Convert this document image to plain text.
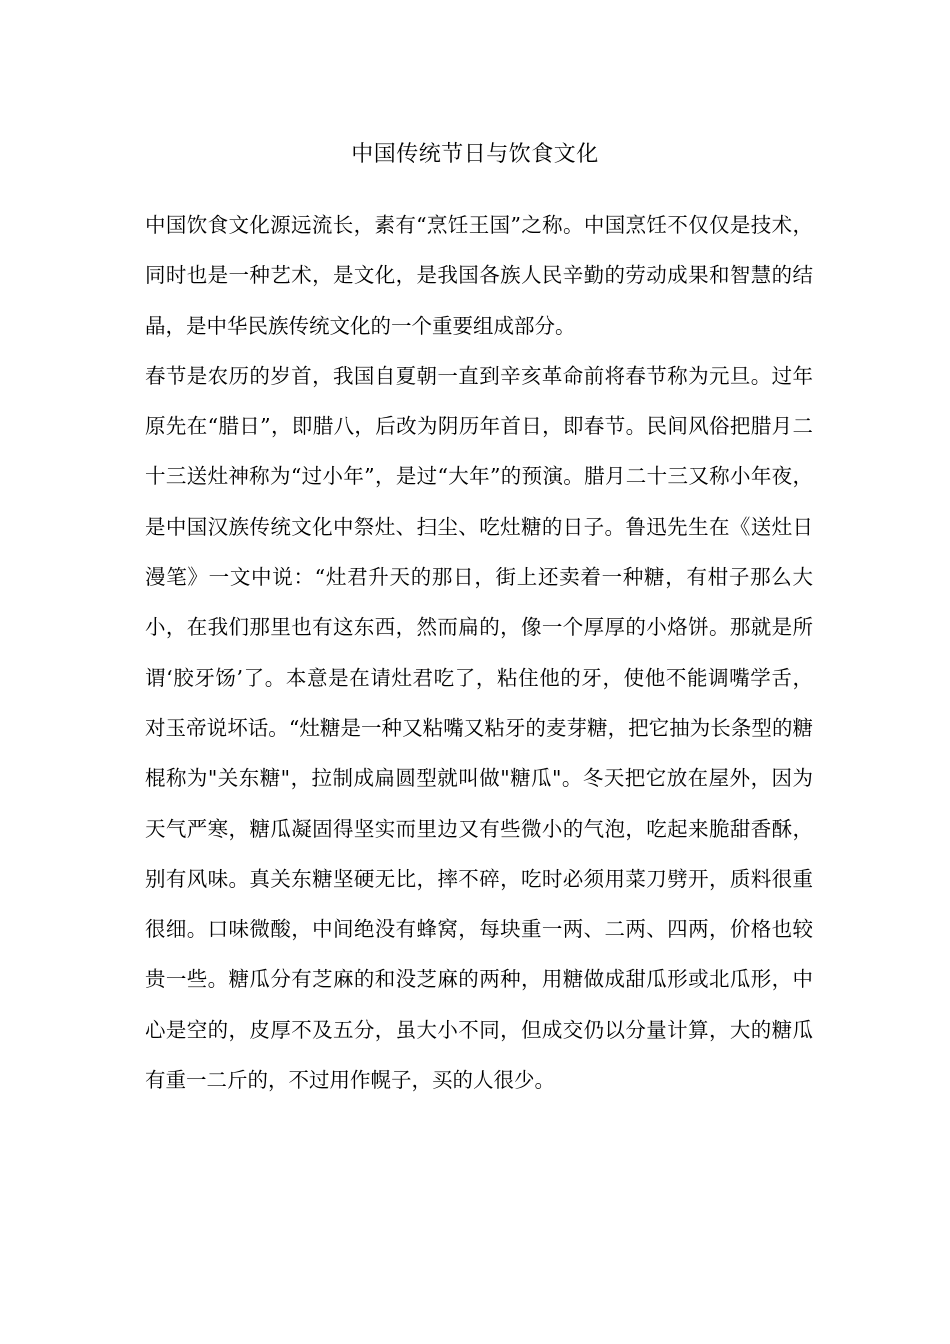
中国传统节日与饮食文化

中国饮食文化源远流长，素有“烹饪王国”之称。中国烹饪不仅仅是技术，同时也是一种艺术，是文化，是我国各族人民辛勤的劳动成果和智慧的结晶，是中华民族传统文化的一个重要组成部分。

春节是农历的岁首，我国自夏朝一直到辛亥革命前将春节称为元旦。过年原先在“腊日”，即腊八，后改为阴历年首日，即春节。民间风俗把腊月二十三送灶神称为“过小年”，是过“大年”的预演。腊月二十三又称小年夜，是中国汉族传统文化中祭灶、扫尘、吃灶糖的日子。鲁迅先生在《送灶日漫笔》一文中说：“灶君升天的那日，街上还卖着一种糖，有柑子那么大小，在我们那里也有这东西，然而扁的，像一个厚厚的小烙饼。那就是所谓‘胶牙饧’了。本意是在请灶君吃了，粘住他的牙，使他不能调嘴学舌，对玉帝说坏话。“灶糖是一种又粘嘴又粘牙的麦芽糖，把它抽为长条型的糖棍称为"关东糖"，拉制成扁圆型就叫做"糖瓜"。冬天把它放在屋外，因为天气严寒，糖瓜凝固得坚实而里边又有些微小的气泡，吃起来脆甜香酥，别有风味。真关东糖坚硬无比，摔不碎，吃时必须用菜刀劈开，质料很重很细。口味微酸，中间绝没有蜂窝，每块重一两、二两、四两，价格也较贵一些。糖瓜分有芝麻的和没芝麻的两种，用糖做成甜瓜形或北瓜形，中心是空的，皮厚不及五分，虽大小不同，但成交仍以分量计算，大的糖瓜有重一二斤的，不过用作幌子，买的人很少。
